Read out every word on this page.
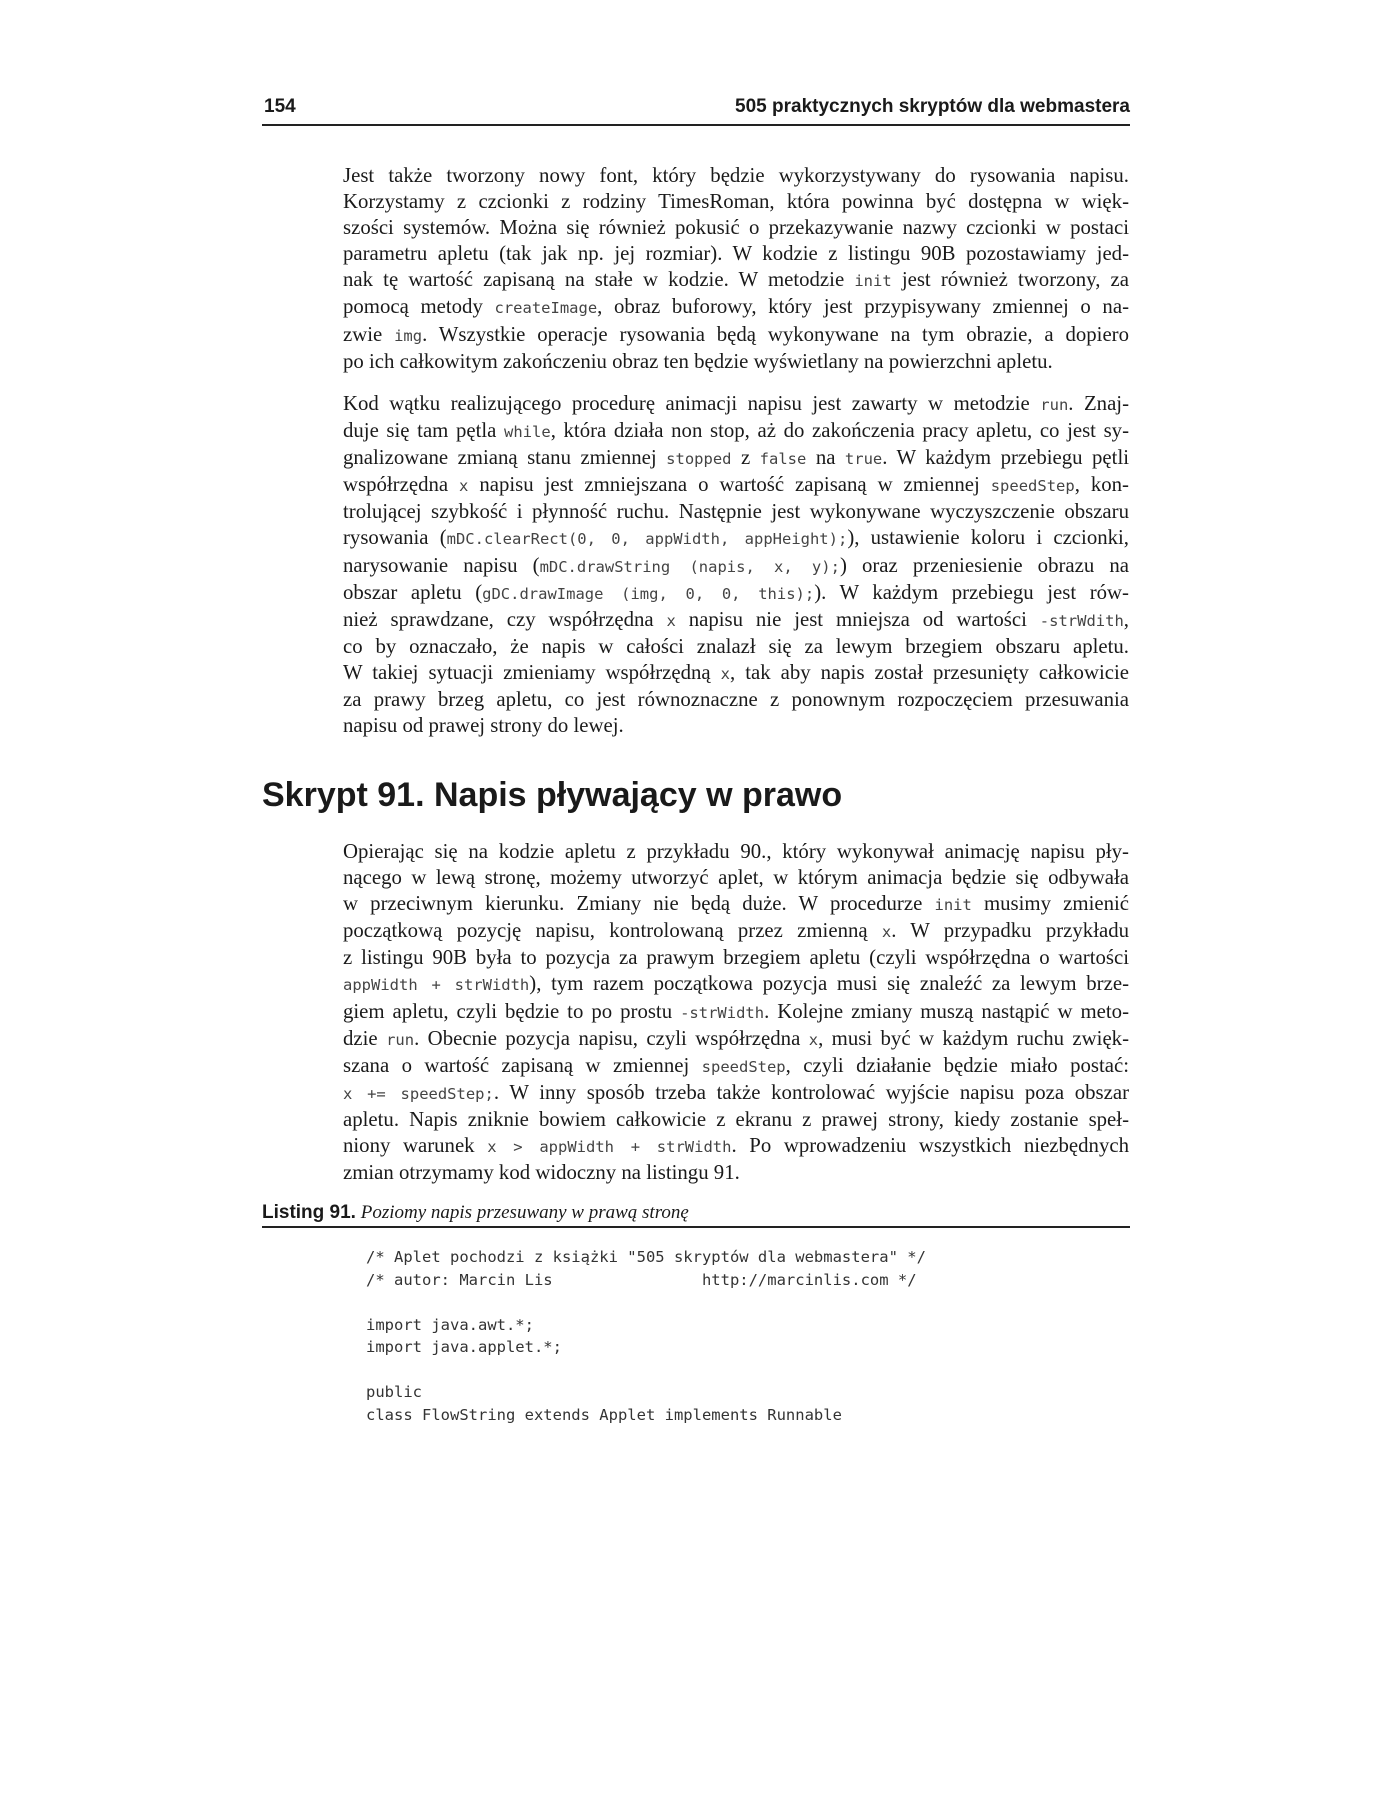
154	505 praktycznych skryptów dla webmastera
Jest także tworzony nowy font, który będzie wykorzystywany do rysowania napisu.
Korzystamy z czcionki z rodziny TimesRoman, która powinna być dostępna w więk-
szości systemów. Można się również pokusić o przekazywanie nazwy czcionki w postaci
parametru apletu (tak jak np. jej rozmiar). W kodzie z listingu 90B pozostawiamy jed-
nak tę wartość zapisaną na stałe w kodzie. W metodzie init jest również tworzony, za
pomocą metody createImage, obraz buforowy, który jest przypisywany zmiennej o na-
zwie img. Wszystkie operacje rysowania będą wykonywane na tym obrazie, a dopiero
po ich całkowitym zakończeniu obraz ten będzie wyświetlany na powierzchni apletu.
Kod wątku realizującego procedurę animacji napisu jest zawarty w metodzie run. Znaj-
duje się tam pętla while, która działa non stop, aż do zakończenia pracy apletu, co jest sy-
gnalizowane zmianą stanu zmiennej stopped z false na true. W każdym przebiegu pętli
współrzędna x napisu jest zmniejszana o wartość zapisaną w zmiennej speedStep, kon-
trolującej szybkość i płynność ruchu. Następnie jest wykonywane wyczyszczenie obszaru
rysowania (mDC.clearRect(0, 0, appWidth, appHeight);), ustawienie koloru i czcionki,
narysowanie napisu (mDC.drawString (napis, x, y);) oraz przeniesienie obrazu na
obszar apletu (gDC.drawImage (img, 0, 0, this);). W każdym przebiegu jest rów-
nież sprawdzane, czy współrzędna x napisu nie jest mniejsza od wartości -strWdith,
co by oznaczało, że napis w całości znalazł się za lewym brzegiem obszaru apletu.
W takiej sytuacji zmieniamy współrzędną x, tak aby napis został przesunięty całkowicie
za prawy brzeg apletu, co jest równoznaczne z ponownym rozpoczęciem przesuwania
napisu od prawej strony do lewej.
Skrypt 91. Napis pływający w prawo
Opierając się na kodzie apletu z przykładu 90., który wykonywał animację napisu pły-
nącego w lewą stronę, możemy utworzyć aplet, w którym animacja będzie się odbywała
w przeciwnym kierunku. Zmiany nie będą duże. W procedurze init musimy zmienić
początkową pozycję napisu, kontrolowaną przez zmienną x. W przypadku przykładu
z listingu 90B była to pozycja za prawym brzegiem apletu (czyli współrzędna o wartości
appWidth + strWidth), tym razem początkowa pozycja musi się znaleźć za lewym brze-
giem apletu, czyli będzie to po prostu -strWidth. Kolejne zmiany muszą nastąpić w meto-
dzie run. Obecnie pozycja napisu, czyli współrzędna x, musi być w każdym ruchu zwięk-
szana o wartość zapisaną w zmiennej speedStep, czyli działanie będzie miało postać:
x += speedStep;. W inny sposób trzeba także kontrolować wyjście napisu poza obszar
apletu. Napis zniknie bowiem całkowicie z ekranu z prawej strony, kiedy zostanie speł-
niony warunek x > appWidth + strWidth. Po wprowadzeniu wszystkich niezbędnych
zmian otrzymamy kod widoczny na listingu 91.
Listing 91. Poziomy napis przesuwany w prawą stronę
/* Aplet pochodzi z książki "505 skryptów dla webmastera" */
/* autor: Marcin Lis                http://marcinlis.com */

import java.awt.*;
import java.applet.*;

public
class FlowString extends Applet implements Runnable
